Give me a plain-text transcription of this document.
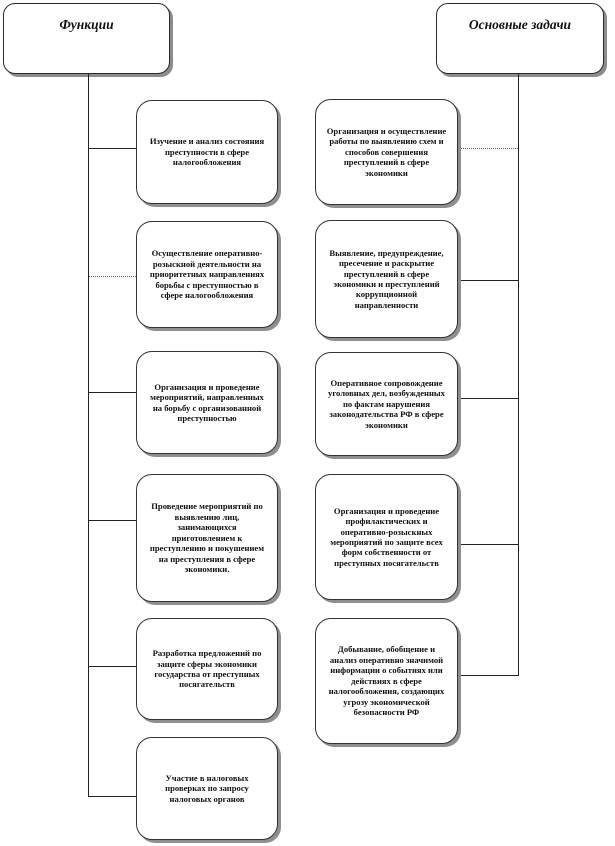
Функции	Основные задачи
Изучение и анализ состояния преступности в сфере налогообложения
Осуществление оперативно-розыскной деятельности на приоритетных направлениях борьбы с преступностью в сфере налогообложения
Организация и проведение мероприятий, направленных на борьбу с организованной преступностью
Проведение мероприятий по выявлению лиц, занимающихся приготовлением к преступлению и покушением на преступления в сфере экономики.
Разработка предложений по защите сферы экономики государства от преступных посягательств
Участие в налоговых проверках по запросу налоговых органов
Организация и осуществление работы по выявлению схем и способов совершения преступлений в сфере экономики
Выявление, предупреждение, пресечение и раскрытие преступлений в сфере экономики и преступлений коррупционной направленности
Оперативное сопровождение уголовных дел, возбужденных по фактам нарушения законодательства РФ в сфере экономики
Организация и проведение профилактических и оперативно-розыскных мероприятий по защите всех форм собственности от преступных посягательств
Добывание, обобщение и анализ оперативно значимой информации о событиях или действиях в сфере налогообложения, создающих угрозу экономической безопасности РФ
